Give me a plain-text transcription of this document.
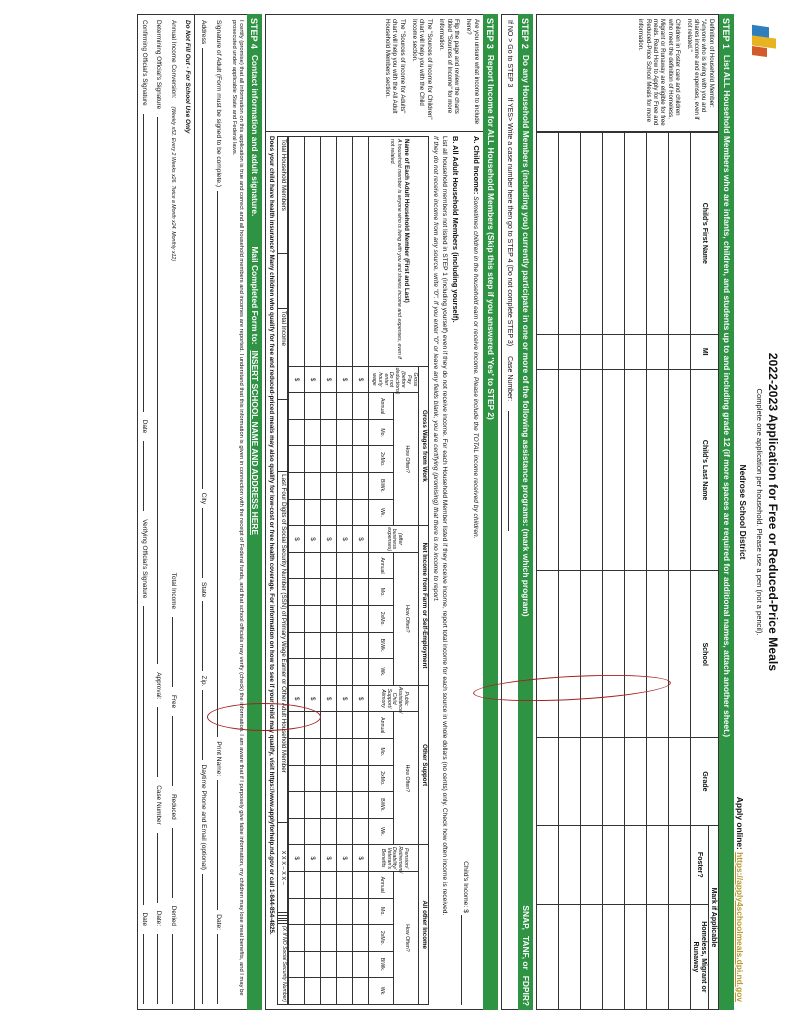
2022-2023 Application for Free or Reduced-Price Meals
Complete one application per household. Please use a pen (not a pencil).
Nedrose School District
Apply online: https://apply4schoolmeals.dpi.nd.gov
STEP 1
List ALL Household Members who are infants, children, and students up to and including grade 12 (if more spaces are required for additional names, attach another sheet.)

Definition of Household Member: "Anyone who is living with you and shares income and expenses, even if not related."

Children in Foster care and children who meet the definition of Homeless, Migrant or Runaway are eligible for free meals. Read How to Apply for Free and Reduced-Price School Meals for more information.

Child's First Name	MI	Child's Last Name	School	Grade	Mark if Applicable	
					Foster?	Homeless, Migrant or Runaway

STEP 2
Do any Household Members (including you) currently participate in one or more of the following assistance programs: (mark which program)
SNAP,
TANF, or
FDPIR?
If NO > Go to STEP 3
If YES> Write a case number here then go to STEP 4 (Do not complete STEP 3)
Case Number:
STEP 3
Report Income for ALL Household Members (Skip this step if you answered 'Yes' to STEP 2)

Are you unsure what income to include here?

Flip the page and review the charts titled "Sources of Income" for more information.

The "Sources of Income for Children" chart will help you with the Child Income section.

The "Sources of Income for Adults" chart will help you with the All Adult Household Members section.

A. Child Income: Sometimes children in the household earn or receive income. Please include the TOTAL income received by children.

Child's Income: $

B. All Adult Household Members (including yourself).

List all household members not listed in STEP 1 (including yourself) even if they do not receive income. For each Household Member listed if they receive income, report total income for each source in whole dollars (no cents) only. Check how often income is received.

If they do not receive income from any source, write "0". If you enter "0" or leave any fields blank, you are certifying (promising) that there is no income to report.

Name of Each Adult Household Member (First and Last)
A household member is anyone who is living with you and shares income and expenses, even if not related.	Gross Wages from Work						Net Income from Farm or Self-Employment						Other Support						All other Income					
	Gross Pay (before deductions) Do not enter hourly wage	How Often?					(after business expenses)	How Often?					Public Assistance/ Child Support/ Alimony	How Often?					Pension/ Retirement/ Disability/ Veteran's Benefits	How Often?				
		Annual	Mo.	2xMo.	BiWk.	Wk.		Annual	Mo.	2xMo.	BiWk.	Wk.		Annual	Mo.	2xMo.	BiWk.	Wk.		Annual	Mo.	2xMo.	BiWk.	Wk.
	$						$						$						$					
	$						$						$						$					
	$						$						$						$					
	$						$						$						$					
	$						$						$						$					
Total Household Members		Total Income		Last Four Digits of Social Security Number (SSN) of Primary Wage Earner or Other Adult Household Member	X X X – X X –					(X If NO Social Security Number)

Does your child have health insurance? Many children who qualify for free and reduced-priced meals may also qualify for low-cost or free health coverage. For information on how to see if your child may qualify, visit https://www.applyforhelp.nd.gov or call 1-844-854-4825.

STEP 4
Contact information and adult signature.
Mail Completed Form to:
INSERT SCHOOL NAME AND ADDRESS HERE
I certify (promise) that all information on this application is true and correct and all household members and incomes are reported. I understand that this information is given in connection with the receipt of Federal funds, and that school officials may verify (check) the information. I am aware that if I purposely give false information, my children may lose meal benefits, and I may be prosecuted under applicable State and Federal laws.
Signature of Adult (Form must be signed to be complete.)
Print Name:
Date:
Address
City
State
Zip.
Daytime Phone and Email (optional)
Do Not Fill Out - For School Use Only
Annual Income Conversion:
(Weekly x52. Every 2 Weeks x26. Twice a Month x24. Monthly x12)
Total Income
Free
Reduced
Denied
Determining Official's Signature
Approval:
Case Number
Date:
Confirming Official's Signature
Date
Verifying Official's Signature
Date
